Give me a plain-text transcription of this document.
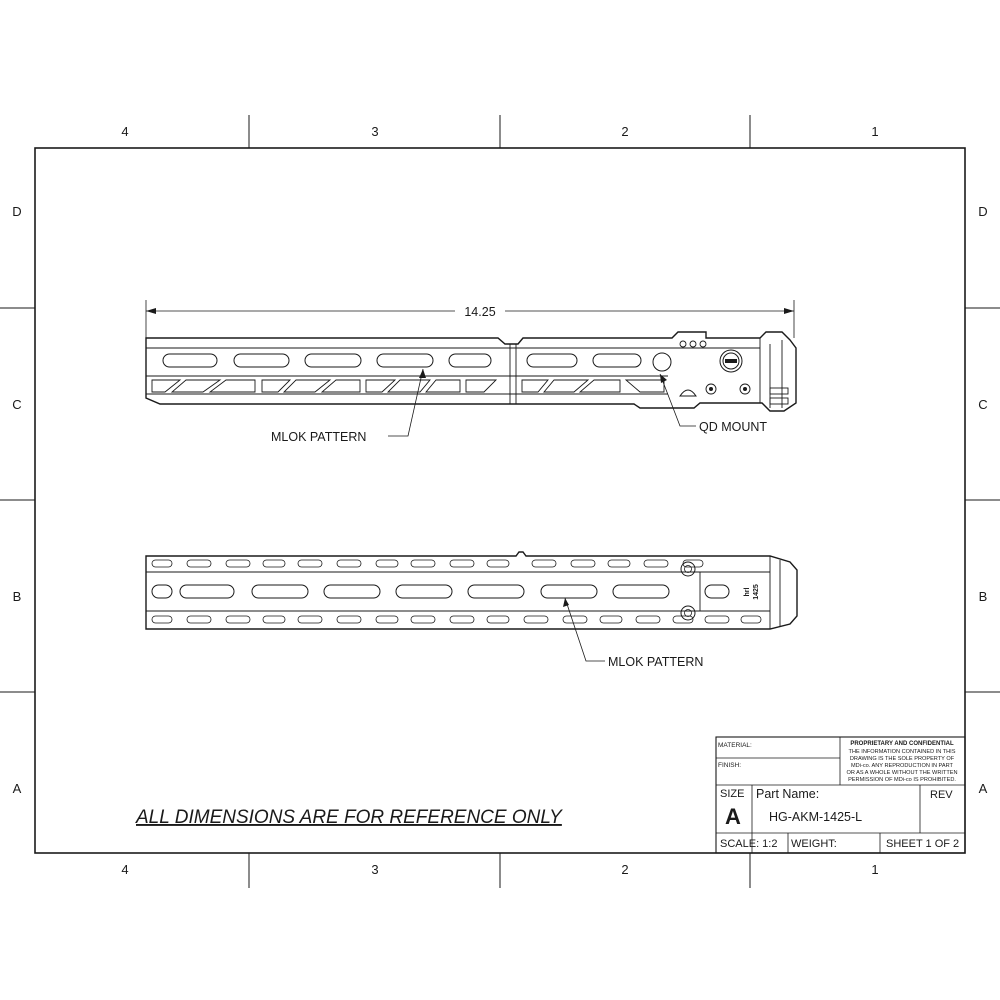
4	3	2	1
4	3	2	1
D
C
B
A
D
C
B
A
14.25
MLOK PATTERN
QD MOUNT
hrl 1425
MLOK PATTERN
ALL DIMENSIONS ARE FOR REFERENCE ONLY
MATERIAL:
FINISH:
PROPRIETARY AND CONFIDENTIAL
THE INFORMATION CONTAINED IN THIS
DRAWING IS THE SOLE PROPERTY OF
MDi-co. ANY REPRODUCTION IN PART
OR AS A WHOLE WITHOUT THE WRITTEN
PERMISSION OF MDi-co IS PROHIBITED.
SIZE
A
Part Name:
HG-AKM-1425-L
REV
SCALE: 1:2 WEIGHT:	SHEET 1 OF 2
